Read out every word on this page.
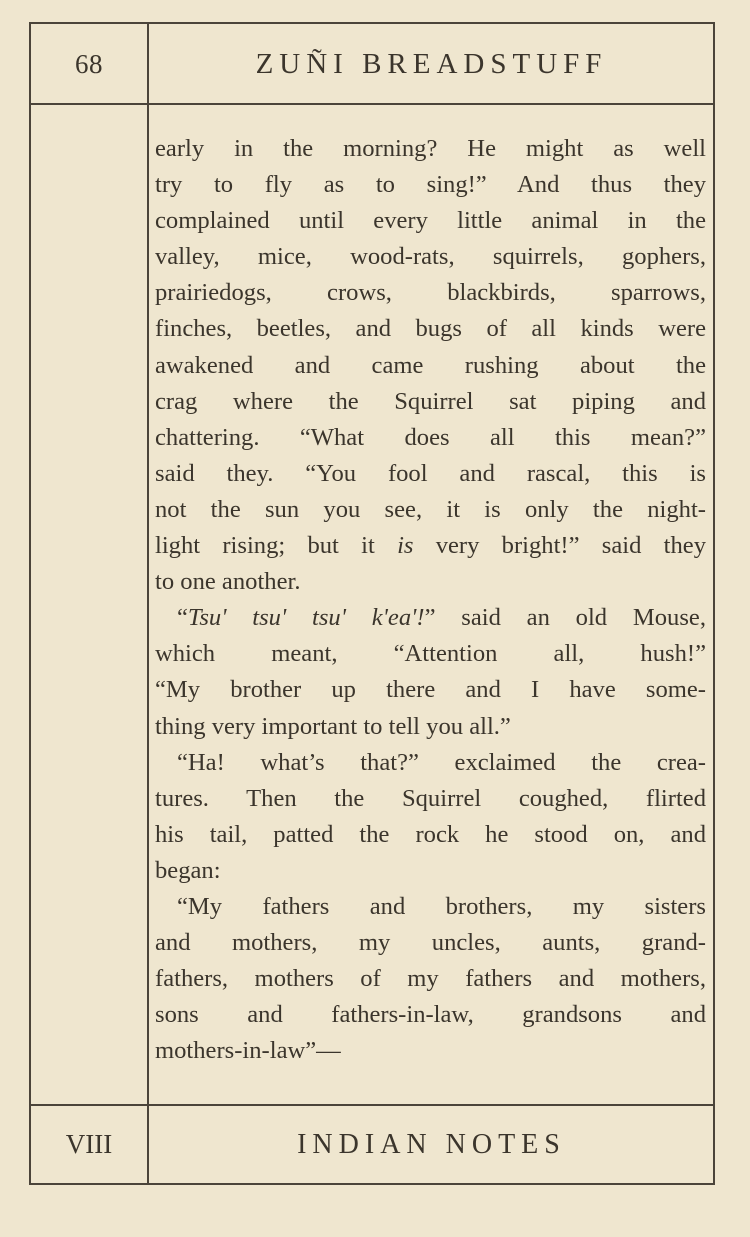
68	ZUÑI BREADSTUFF
early in the morning? He might as well
try to fly as to sing!” And thus they
complained until every little animal in the
valley, mice, wood-rats, squirrels, gophers,
prairiedogs, crows, blackbirds, sparrows,
finches, beetles, and bugs of all kinds were
awakened and came rushing about the
crag where the Squirrel sat piping and
chattering. “What does all this mean?”
said they. “You fool and rascal, this is
not the sun you see, it is only the night-
light rising; but it is very bright!” said they
to one another.
“Tsu' tsu' tsu' k'ea'!” said an old Mouse,
which meant, “Attention all, hush!”
“My brother up there and I have some-
thing very important to tell you all.”
“Ha! what’s that?” exclaimed the crea-
tures. Then the Squirrel coughed, flirted
his tail, patted the rock he stood on, and
began:
“My fathers and brothers, my sisters
and mothers, my uncles, aunts, grand-
fathers, mothers of my fathers and mothers,
sons and fathers-in-law, grandsons and
mothers-in-law”—
VIII	INDIAN NOTES
